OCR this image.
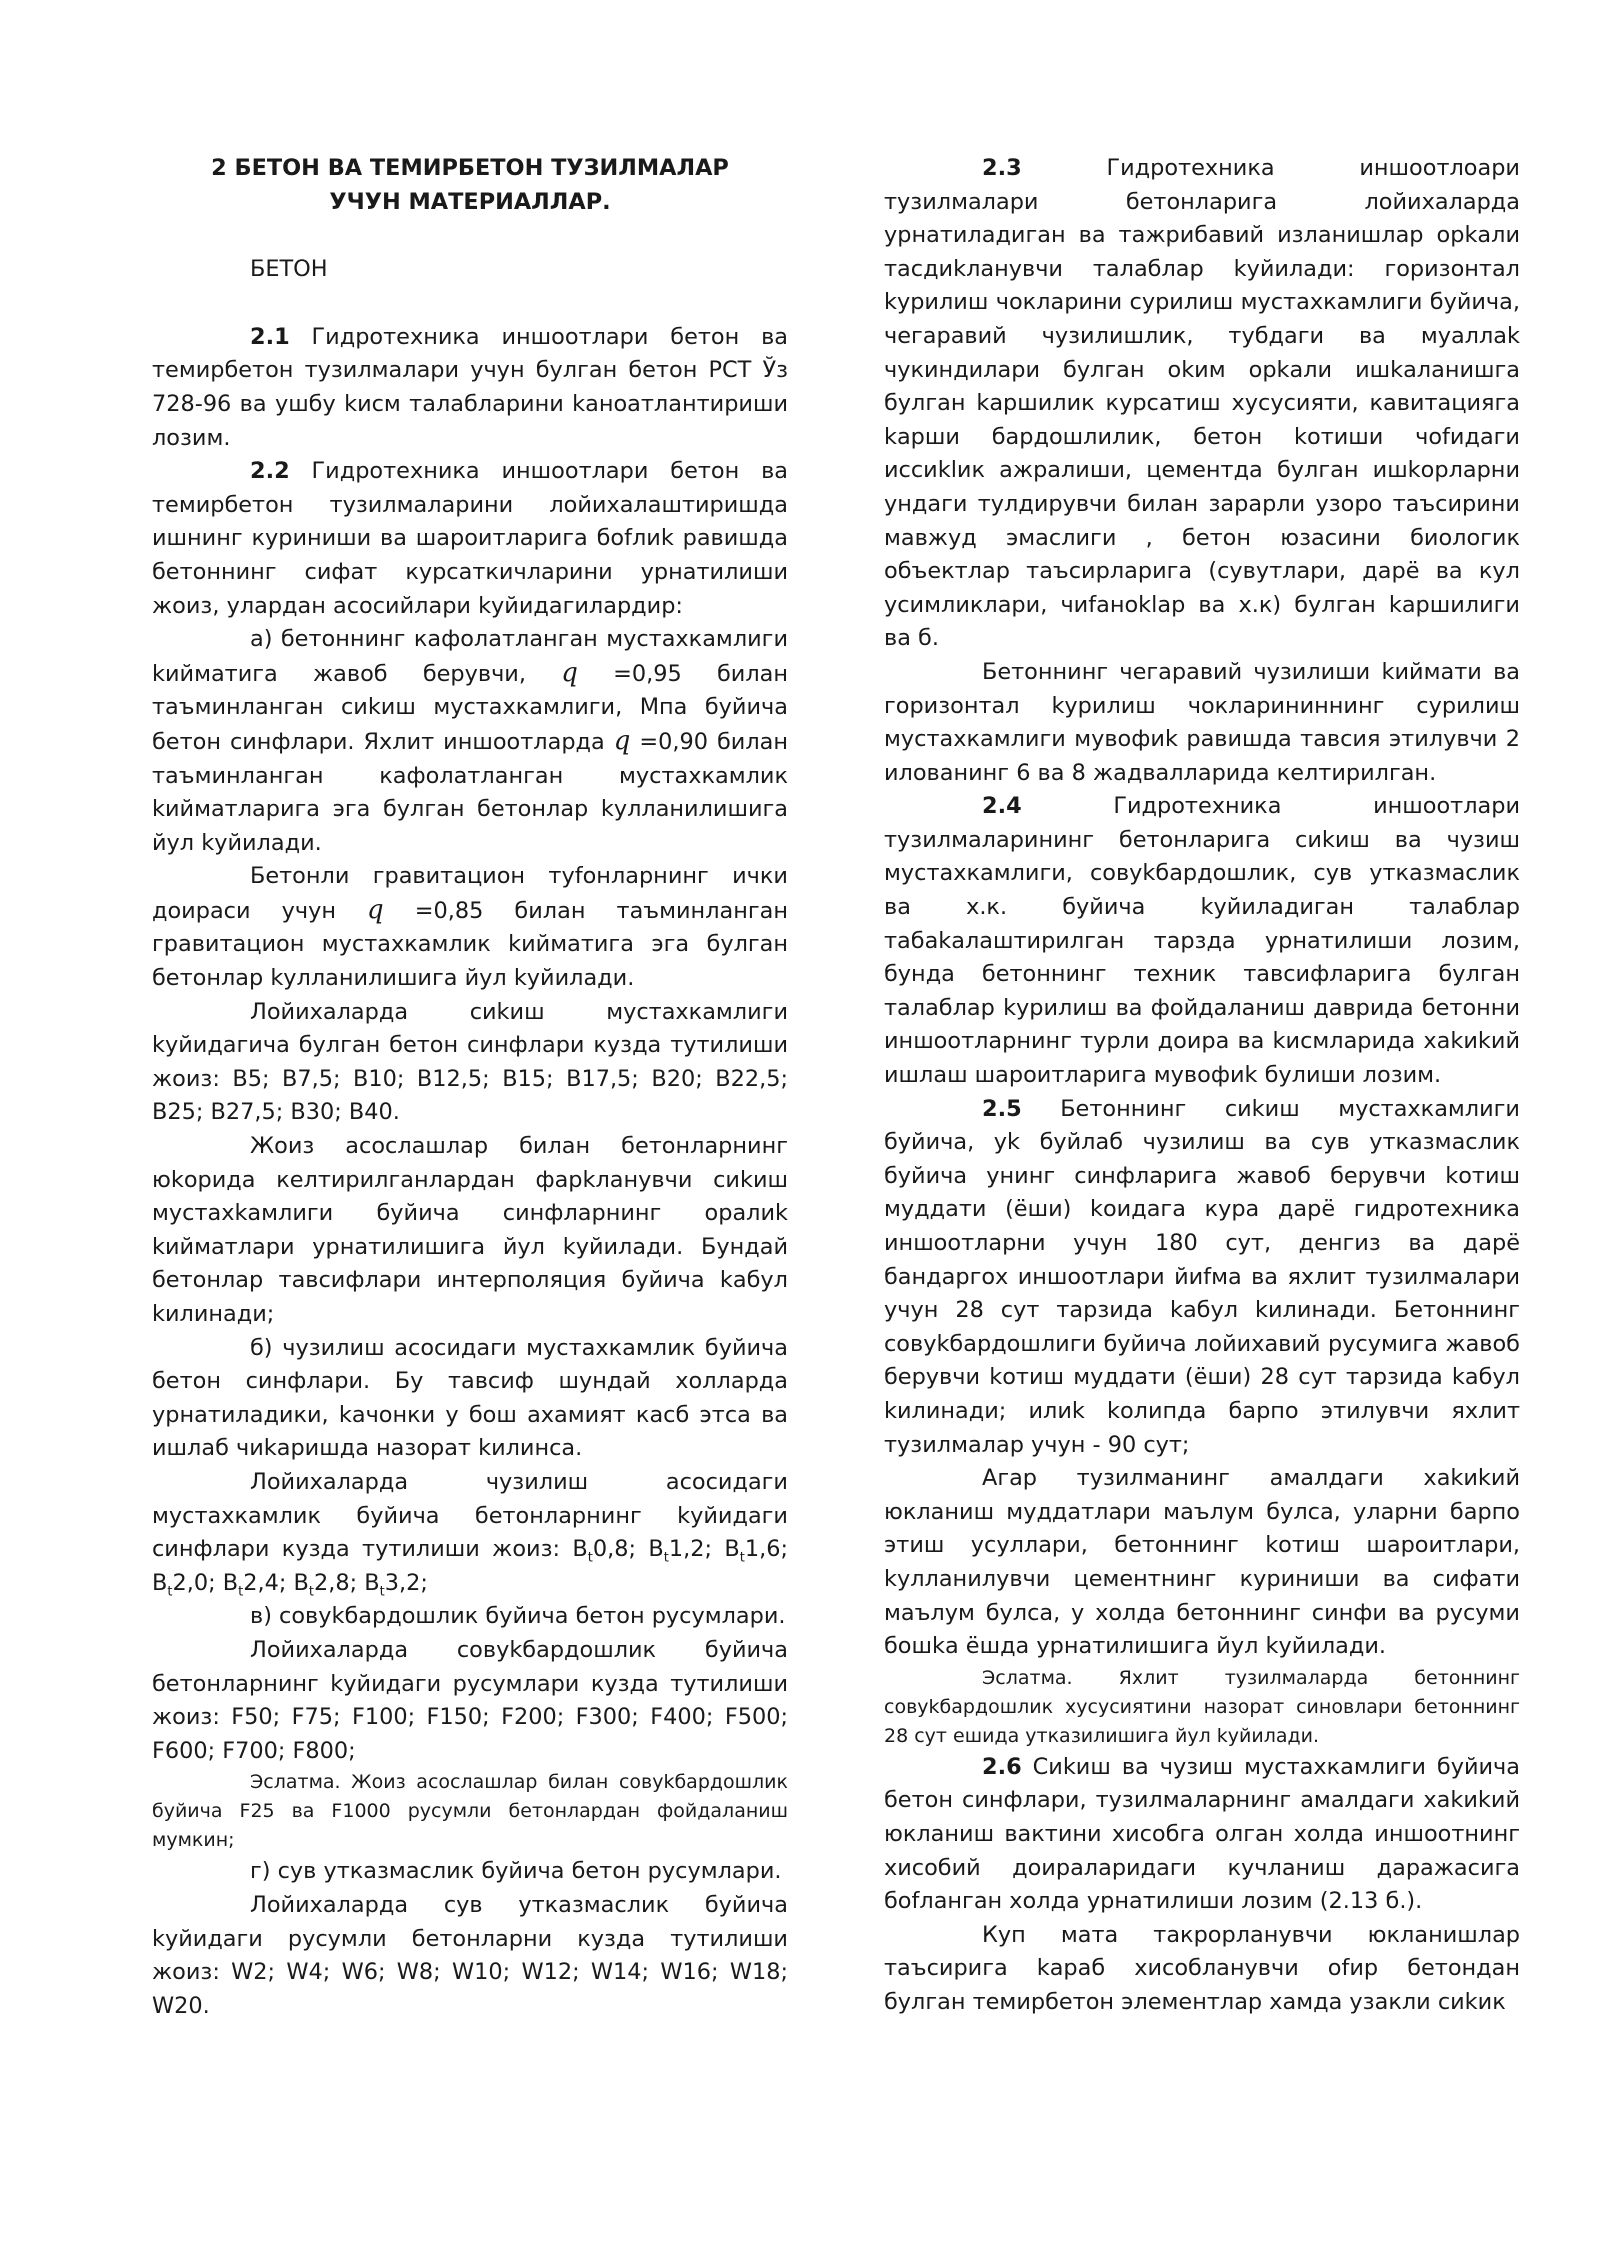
2 БЕТОН ВА ТЕМИРБЕТОН ТУЗИЛМАЛАР
УЧУН МАТЕРИАЛЛАР.

БЕТОН

2.1 Гидротехника иншоотлари бетон ва темирбетон тузилмалари учун булган бетон РСТ Ўз 728-96 ва ушбу kисм талабларини kаноатлантириши лозим.

2.2 Гидротехника иншоотлари бетон ва темирбетон тузилмаларини лойихалаштиришда ишнинг куриниши ва шароитларига боfлиk равишда бетоннинг сифат курсаткичларини урнатилиши жоиз, улардан асосийлари kуйидагилардир:

а) бетоннинг кафолатланган мустахкамлиги kийматига жавоб берувчи, q =0,95 билан таъминланган сиkиш мустахкамлиги, Мпа буйича бетон синфлари. Яхлит иншоотларда q =0,90 билан таъминланган кафолатланган мустахкамлик kийматларига эга булган бетонлар kулланилишига йул kуйилади.

Бетонли гравитацион туfонларнинг ички доираси учун q =0,85 билан таъминланган гравитацион мустахкамлик kийматига эга булган бетонлар kулланилишига йул kуйилади.

Лойихаларда сиkиш мустахкамлиги kуйидагича булган бетон синфлари кузда тутилиши жоиз: В5; В7,5; В10; В12,5; В15; В17,5; В20; В22,5; В25; В27,5; В30; В40.

Жоиз асослашлар билан бетонларнинг юkорида келтирилганлардан фарkланувчи сиkиш мустахkамлиги буйича синфларнинг оралиk kийматлари урнатилишига йул kуйилади. Бундай бетонлар тавсифлари интерполяция буйича kабул kилинади;

б) чузилиш асосидаги мустахкамлик буйича бетон синфлари. Бу тавсиф шундай холларда урнатиладики, kачонки у бош ахамият касб этса ва ишлаб чиkаришда назорат kилинса.

Лойихаларда чузилиш асосидаги мустахкамлик буйича бетонларнинг kуйидаги синфлари кузда тутилиши жоиз: $В_t0,8$; $В_t1,2$; $В_t1,6$; $В_t2,0$; $В_t2,4$; $В_t2,8$; $В_t3,2$;

в) совуkбардошлик буйича бетон русумлари.

Лойихаларда совуkбардошлик буйича бетонларнинг kуйидаги русумлари кузда тутилиши жоиз: F50; F75; F100; F150; F200; F300; F400; F500; F600; F700; F800;

Эслатма. Жоиз асослашлар билан совуkбардошлик буйича F25 ва F1000 русумли бетонлардан фойдаланиш мумкин;

г) сув утказмаслик буйича бетон русумлари.

Лойихаларда сув утказмаслик буйича kуйидаги русумли бетонларни кузда тутилиши жоиз: W2; W4; W6; W8; W10; W12; W14; W16; W18; W20.

2.3 Гидротехника иншоотлоари тузилмалари бетонларига лойихаларда урнатиладиган ва тажрибавий изланишлар орkали тасдиkланувчи талаблар kуйилади: горизонтал kурилиш чокларини сурилиш мустахкамлиги буйича, чегаравий чузилишлик, тубдаги ва муаллаk чукиндилари булган оkим орkали ишkаланишга булган kаршилик курсатиш хусусияти, кавитацияга kарши бардошлилик, бетон kотиши чоfидаги иссиklик ажралиши, цементда булган ишkорларни ундаги тулдирувчи билан зарарли узоро таъсирини мавжуд эмаслиги , бетон юзасини биологик объектлар таъсирларига (сувутлари, дарё ва кул усимликлари, чиfаноklар ва х.к) булган kаршилиги ва б.

Бетоннинг чегаравий чузилиши kиймати ва горизонтал kурилиш чокларининнинг сурилиш мустахкамлиги мувофиk равишда тавсия этилувчи 2 иловaнинг 6 ва 8 жадвалларида келтирилган.

2.4 Гидротехника иншоотлари тузилмаларининг бетонларига сиkиш ва чузиш мустахкамлиги, совуkбардошлик, сув утказмаслик ва х.к. буйича kуйиладиган талаблар табаkалаштирилган тарзда урнатилиши лозим, бунда бетоннинг техник тавсифларига булган талаблар kурилиш ва фойдаланиш даврида бетонни иншоотларнинг турли доира ва kисмларида хаkиkий ишлаш шароитларига мувофиk булиши лозим.

2.5 Бетоннинг сиkиш мустахкамлиги буйича, уk буйлаб чузилиш ва сув утказмаслик буйича унинг синфларига жавоб берувчи kотиш муддати (ёши) kоидага кура дарё гидротехника иншоотларни учун 180 сут, денгиз ва дарё бандаргох иншоотлари йиfма ва яхлит тузилмалари учун 28 сут тарзида kабул kилинади. Бетоннинг совуkбардошлиги буйича лойихавий русумига жавоб берувчи kотиш муддати (ёши) 28 сут тарзида kабул kилинади; илиk kолипда барпо этилувчи яхлит тузилмалар учун - 90 сут;

Агар тузилманинг амалдаги хаkиkий юкланиш муддатлари маълум булса, уларни барпо этиш усуллари, бетоннинг kотиш шароитлари, kулланилувчи цементнинг куриниши ва сифати маълум булса, у холда бетоннинг синфи ва русуми бошkа ёшда урнатилишига йул kуйилади.

Эслатма. Яхлит тузилмаларда бетоннинг совуkбардошлик хусусиятини назорат синовлари бетоннинг 28 сут ешида утказилишига йул kуйилади.

2.6 Сиkиш ва чузиш мустахкамлиги буйича бетон синфлари, тузилмаларнинг амалдаги хаkиkий юкланиш вактини хисобга олган холда иншоотнинг хисобий доираларидаги кучланиш даражасига боfланган холда урнатилиши лозим (2.13 б.).

Куп мата такрорланувчи юкланишлар таъсирига kараб хисобланувчи оfир бетондан булган темирбетон элементлар хамда узакли сиkик
